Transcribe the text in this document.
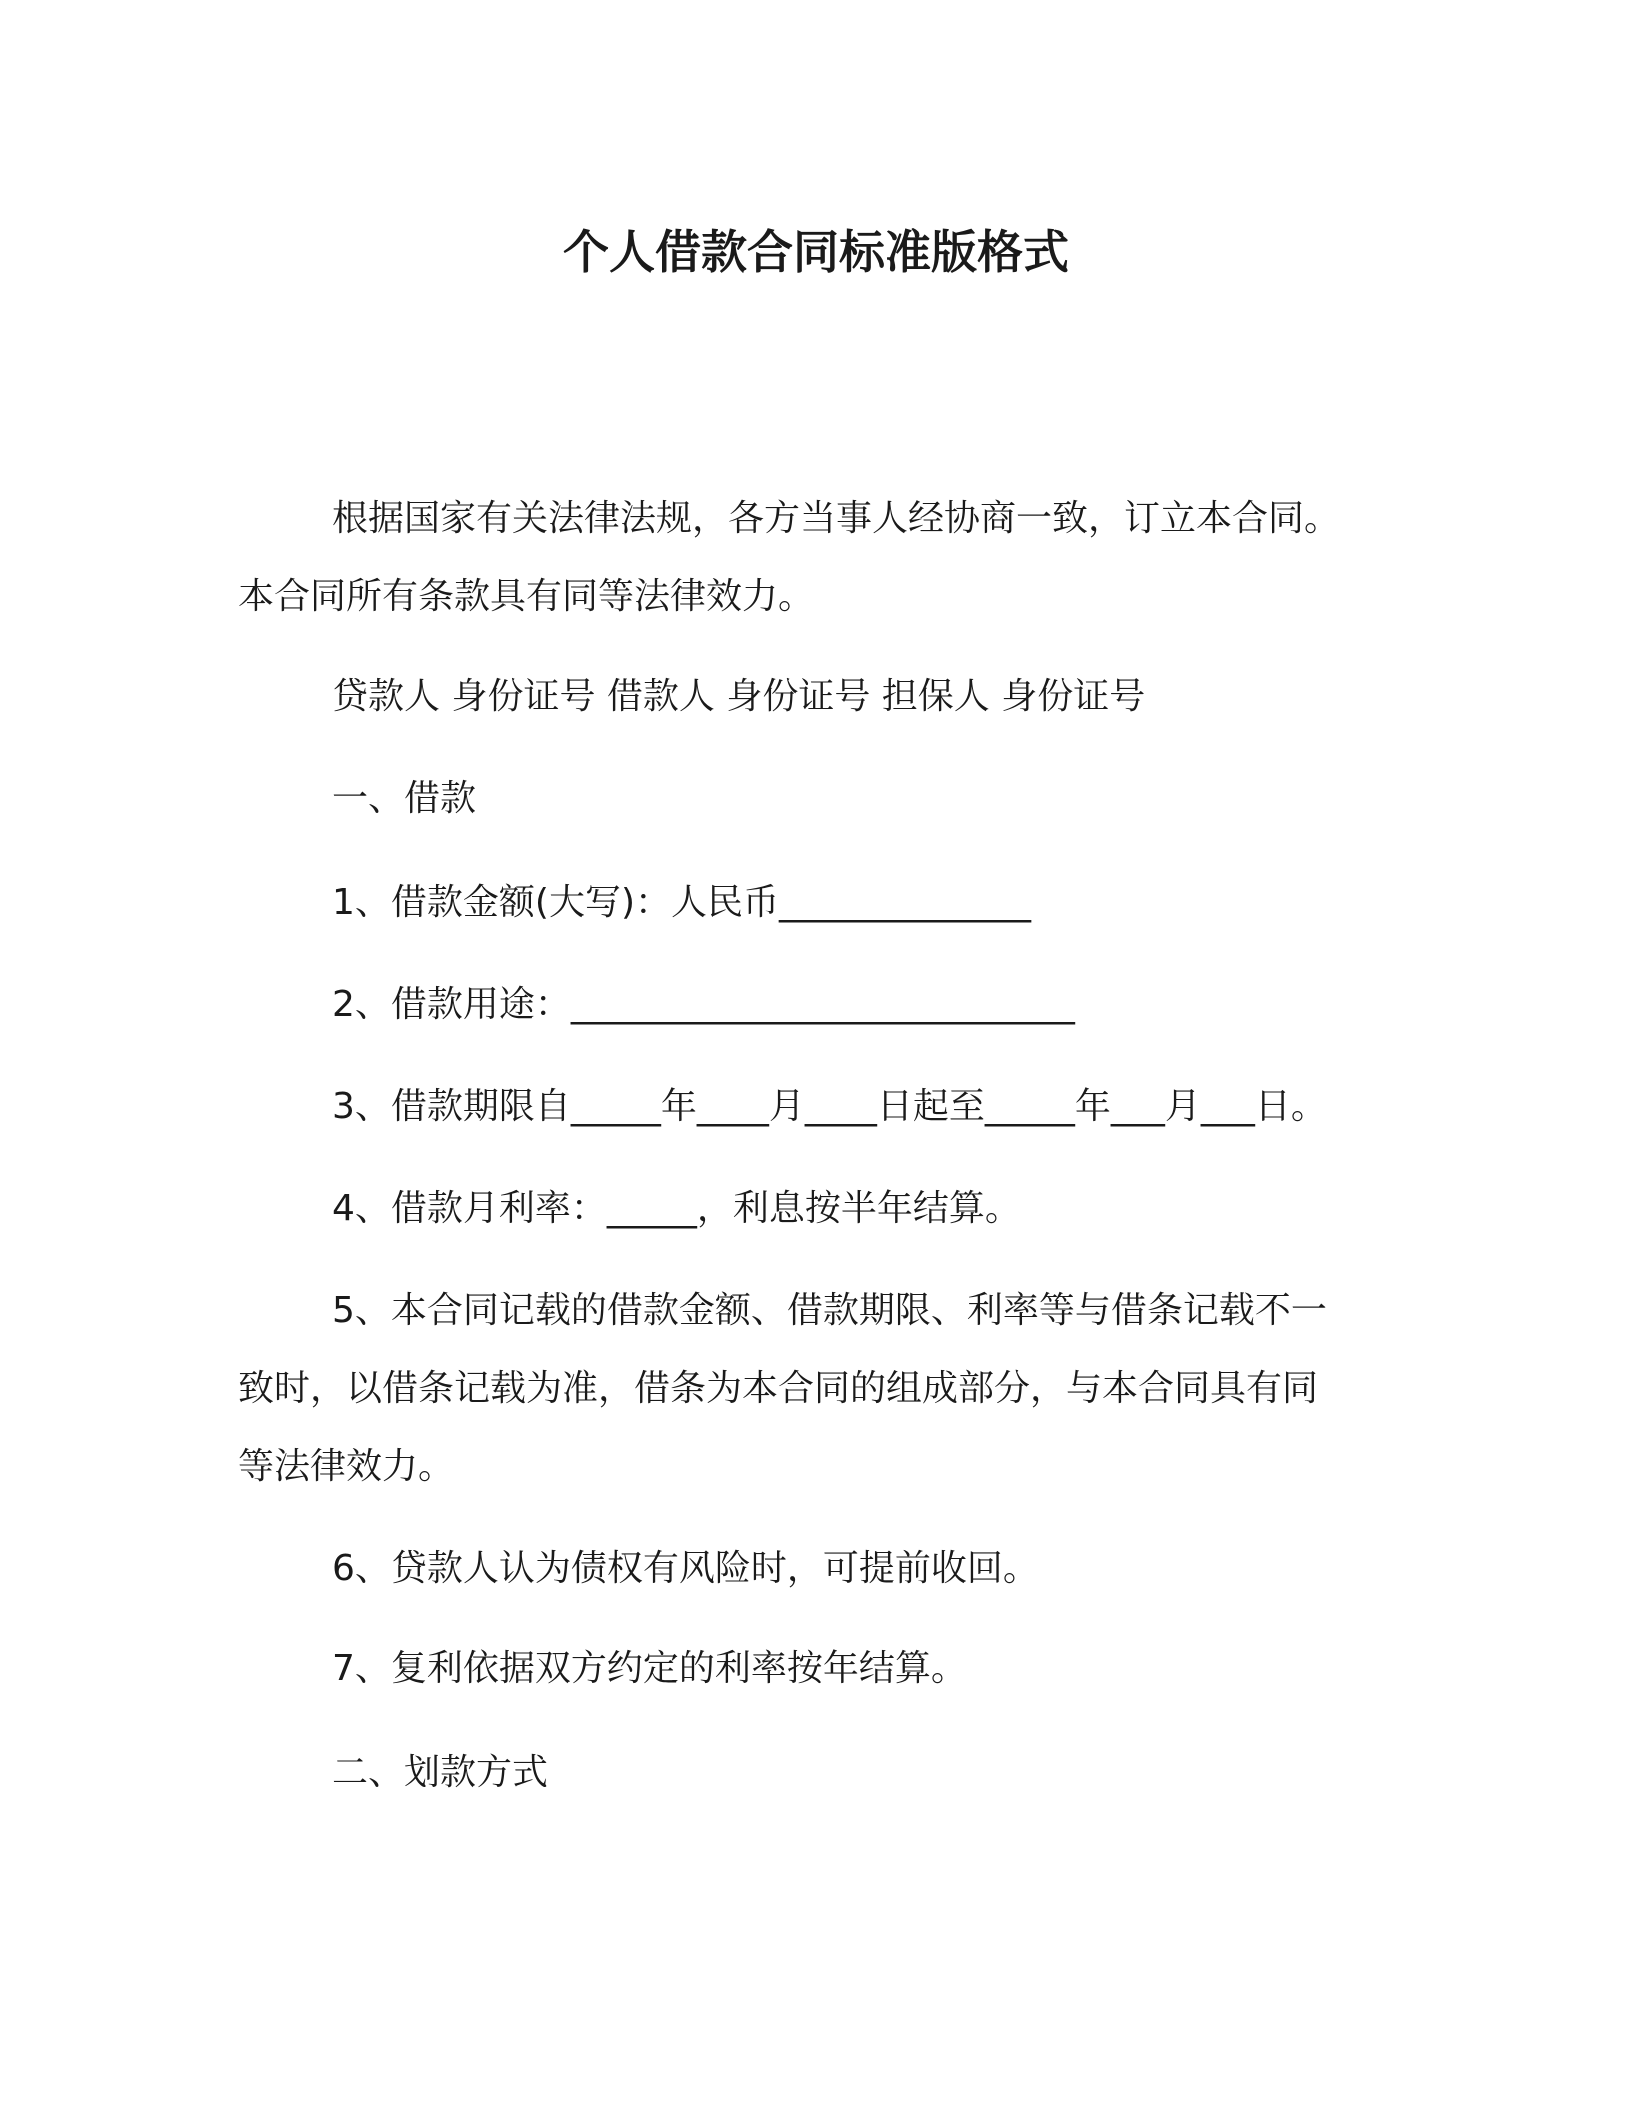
个人借款合同标准版格式
根据国家有关法律法规，各方当事人经协商一致，订立本合同。
本合同所有条款具有同等法律效力。
贷款人 身份证号 借款人 身份证号 担保人 身份证号
一、借款
1、借款金额(大写)：人民币______________
2、借款用途：____________________________
3、借款期限自_____年____月____日起至_____年___月___日。
4、借款月利率：_____，利息按半年结算。
5、本合同记载的借款金额、借款期限、利率等与借条记载不一
致时，以借条记载为准，借条为本合同的组成部分，与本合同具有同
等法律效力。
6、贷款人认为债权有风险时，可提前收回。
7、复利依据双方约定的利率按年结算。
二、划款方式
